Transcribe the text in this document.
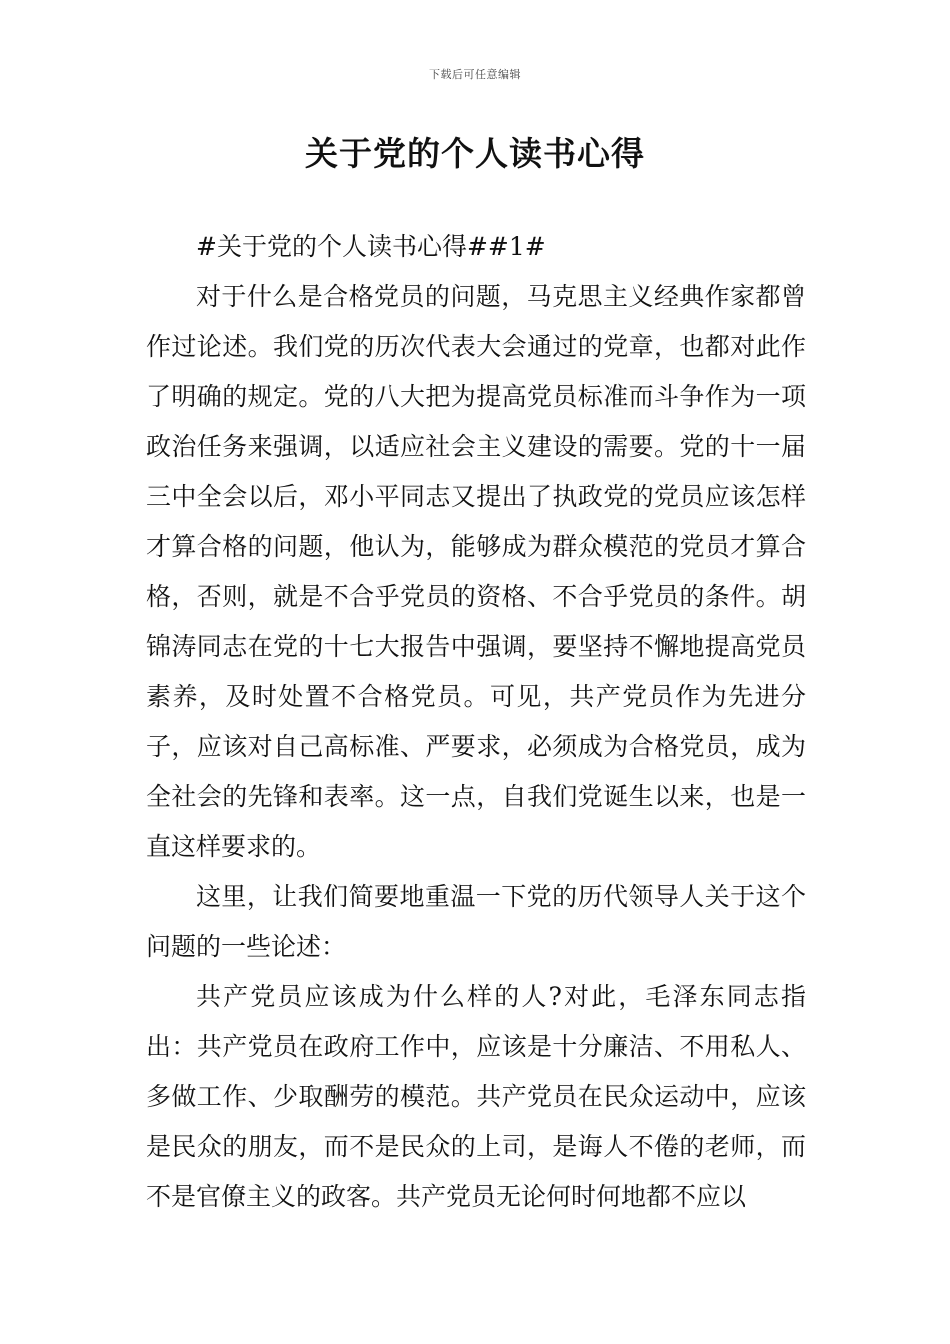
下载后可任意编辑
关于党的个人读书心得

#关于党的个人读书心得##1#

对于什么是合格党员的问题，马克思主义经典作家都曾作过论述。我们党的历次代表大会通过的党章，也都对此作了明确的规定。党的八大把为提高党员标准而斗争作为一项政治任务来强调，以适应社会主义建设的需要。党的十一届三中全会以后，邓小平同志又提出了执政党的党员应该怎样才算合格的问题，他认为，能够成为群众模范的党员才算合格，否则，就是不合乎党员的资格、不合乎党员的条件。胡锦涛同志在党的十七大报告中强调，要坚持不懈地提高党员素养，及时处置不合格党员。可见，共产党员作为先进分子，应该对自己高标准、严要求，必须成为合格党员，成为全社会的先锋和表率。这一点，自我们党诞生以来，也是一直这样要求的。

这里，让我们简要地重温一下党的历代领导人关于这个问题的一些论述：

共产党员应该成为什么样的人?对此，毛泽东同志指出：共产党员在政府工作中，应该是十分廉洁、不用私人、多做工作、少取酬劳的模范。共产党员在民众运动中，应该是民众的朋友，而不是民众的上司，是诲人不倦的老师，而不是官僚主义的政客。共产党员无论何时何地都不应以
